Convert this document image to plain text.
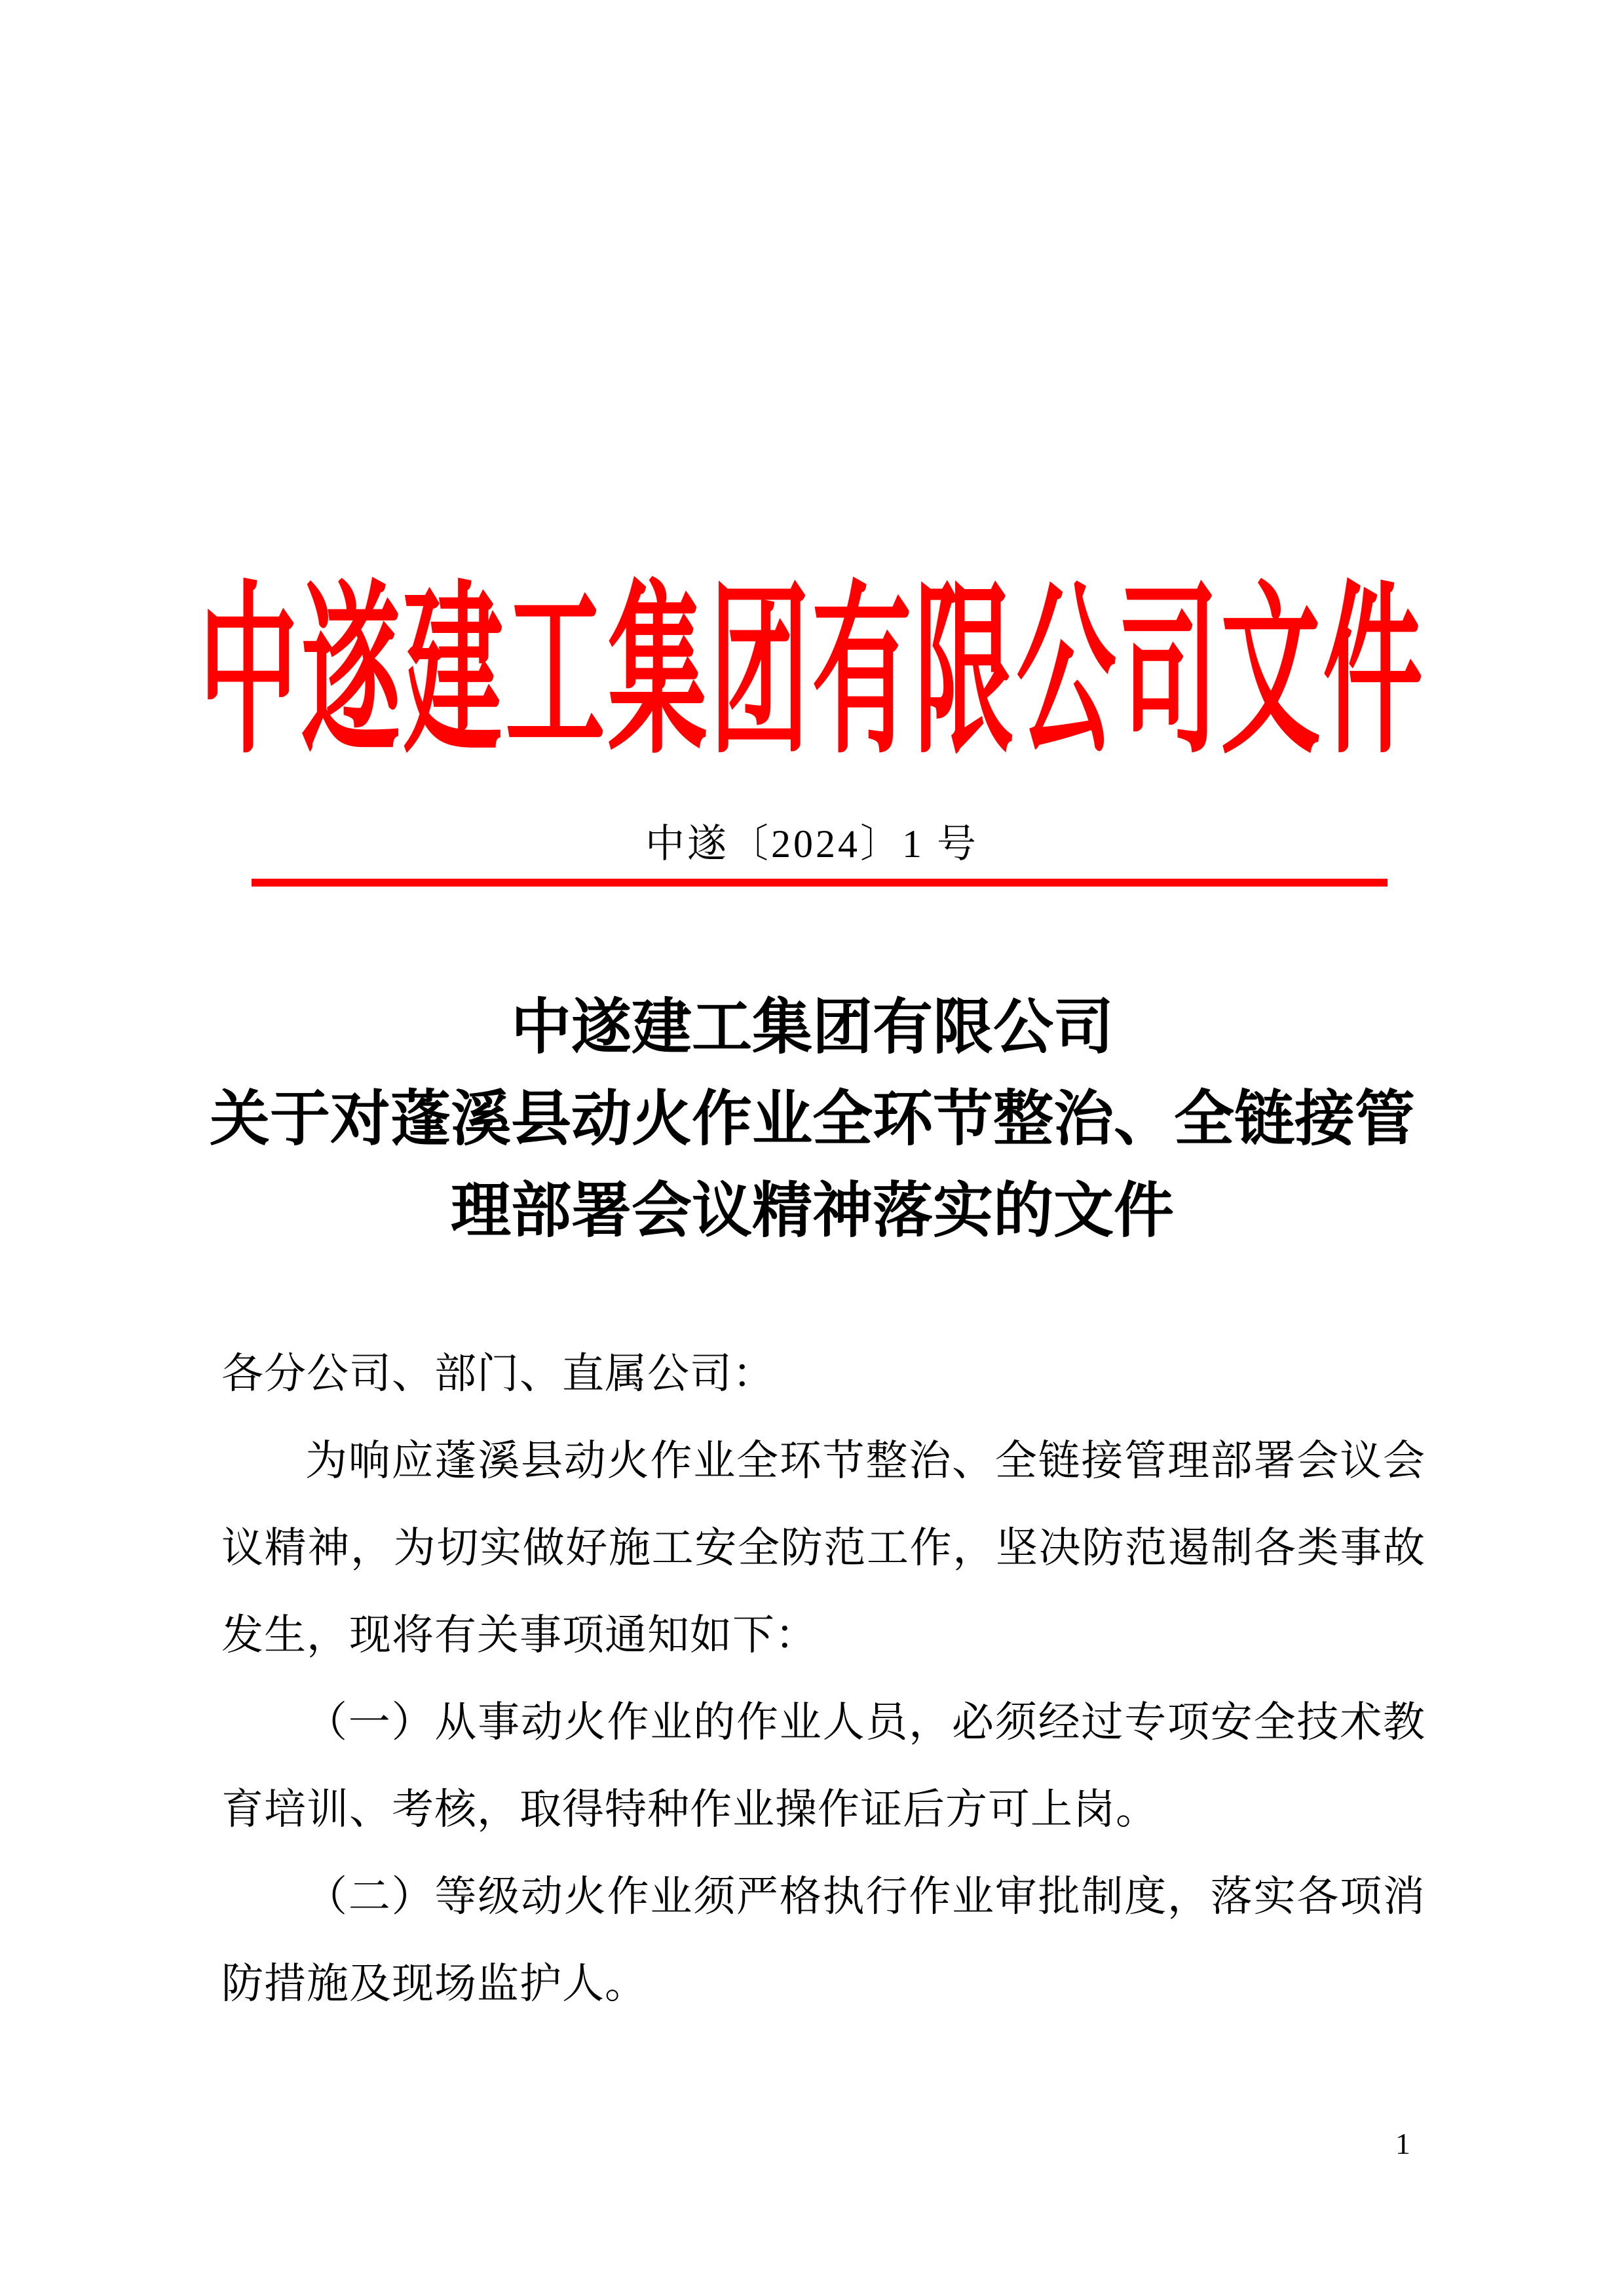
中遂建工集团有限公司文件
中遂〔2024〕1 号
中遂建工集团有限公司
关于对蓬溪县动火作业全环节整治、全链接管
理部署会议精神落实的文件

各分公司、部门、直属公司：

为响应蓬溪县动火作业全环节整治、全链接管理部署会议会议精神，为切实做好施工安全防范工作，坚决防范遏制各类事故发生，现将有关事项通知如下：

（一）从事动火作业的作业人员，必须经过专项安全技术教育培训、考核，取得特种作业操作证后方可上岗。

（二）等级动火作业须严格执行作业审批制度，落实各项消防措施及现场监护人。

1
